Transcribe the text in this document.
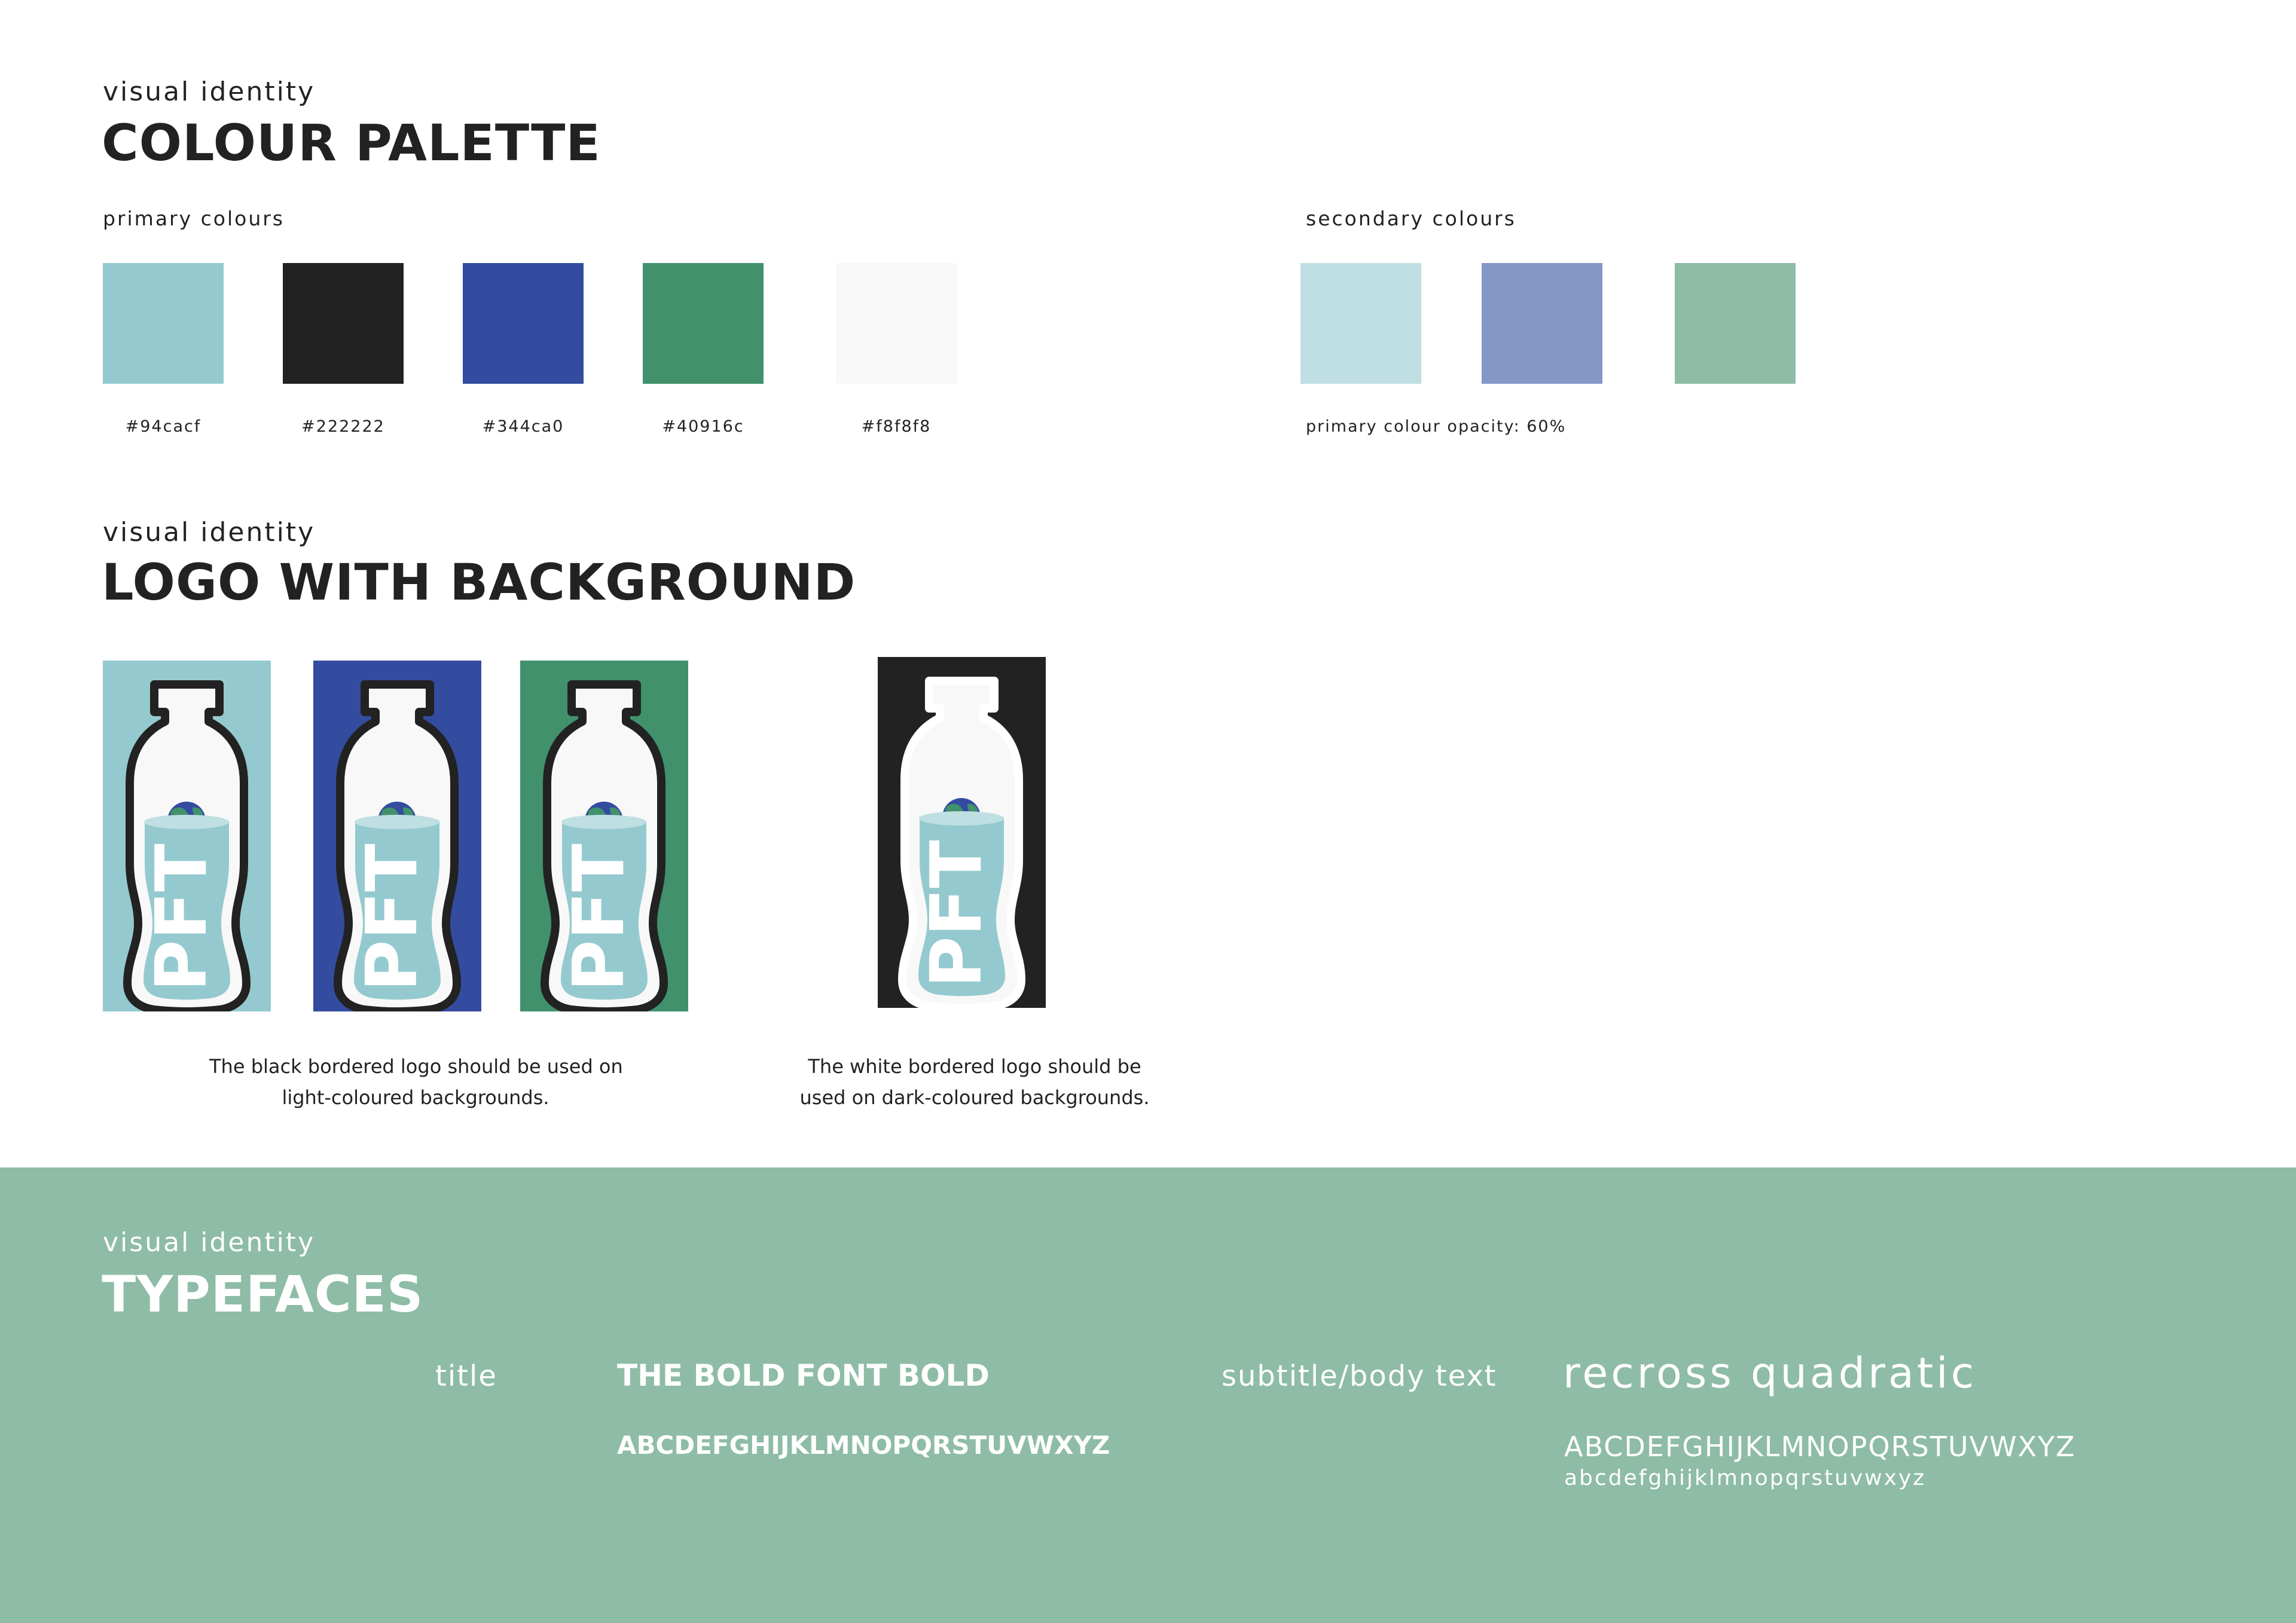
visual identity
COLOUR PALETTE
primary colours	secondary colours
#94cacf	#222222	#344ca0	#40916c	#f8f8f8	primary colour opacity: 60%
visual identity
LOGO WITH BACKGROUND
PFT PFT PFT	PFT
The black bordered logo should be used on
light-coloured backgrounds.
The white bordered logo should be
used on dark-coloured backgrounds.
visual identity
TYPEFACES
title	THE BOLD FONT BOLD
ABCDEFGHIJKLMNOPQRSTUVWXYZ
subtitle/body text recross quadratic
ABCDEFGHIJKLMNOPQRSTUVWXYZ
abcdefghijklmnopqrstuvwxyz
